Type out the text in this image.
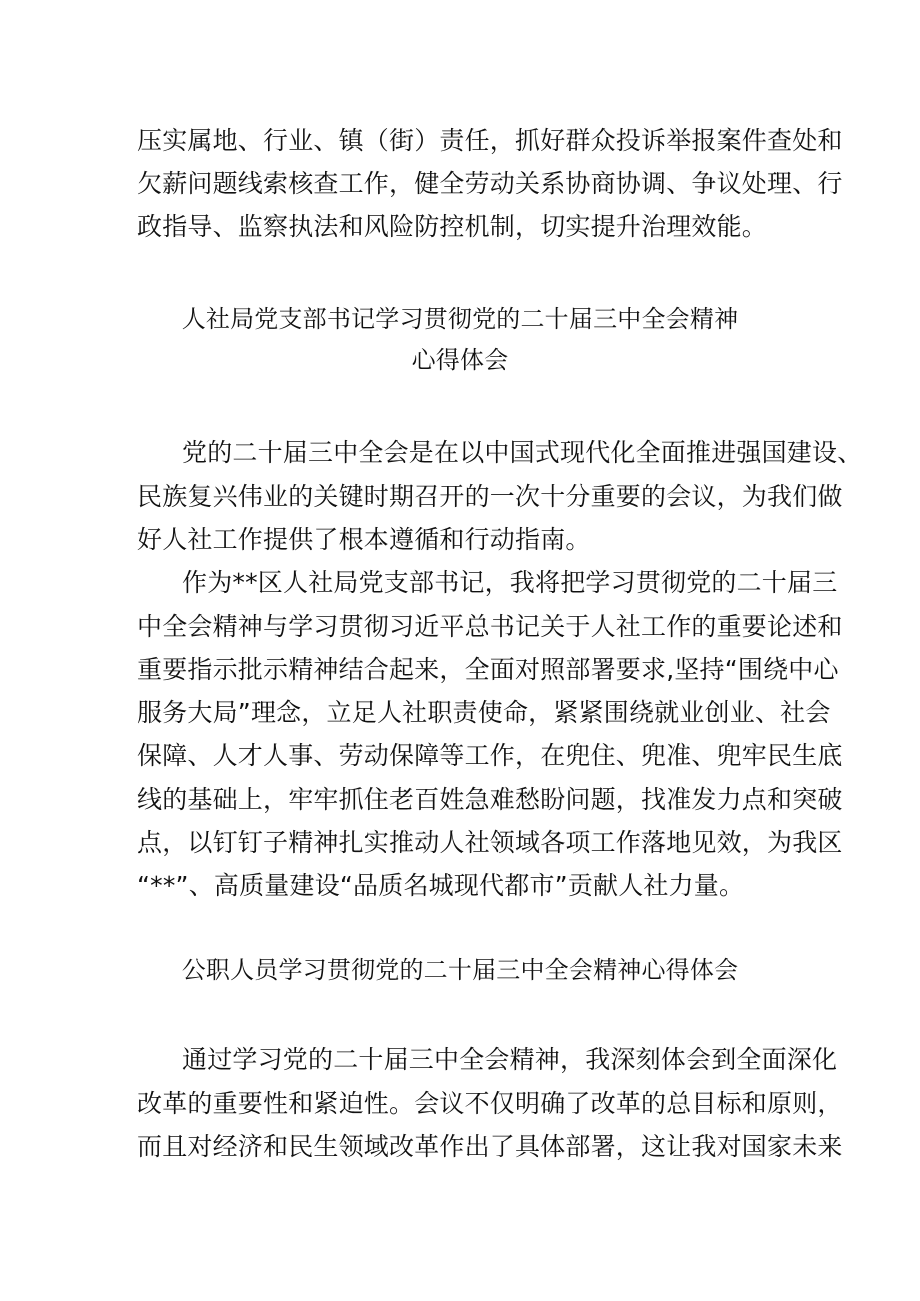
压实属地、行业、镇（街）责任，抓好群众投诉举报案件查处和
欠薪问题线索核查工作，健全劳动关系协商协调、争议处理、行
政指导、监察执法和风险防控机制，切实提升治理效能。
人社局党支部书记学习贯彻党的二十届三中全会精神
心得体会
党的二十届三中全会是在以中国式现代化全面推进强国建设、
民族复兴伟业的关键时期召开的一次十分重要的会议，为我们做
好人社工作提供了根本遵循和行动指南。
作为**区人社局党支部书记，我将把学习贯彻党的二十届三
中全会精神与学习贯彻习近平总书记关于人社工作的重要论述和
重要指示批示精神结合起来，全面对照部署要求,坚持“围绕中心
服务大局”理念，立足人社职责使命，紧紧围绕就业创业、社会
保障、人才人事、劳动保障等工作，在兜住、兜准、兜牢民生底
线的基础上，牢牢抓住老百姓急难愁盼问题，找准发力点和突破
点，以钉钉子精神扎实推动人社领域各项工作落地见效，为我区
“**”、高质量建设“品质名城现代都市”贡献人社力量。
公职人员学习贯彻党的二十届三中全会精神心得体会
通过学习党的二十届三中全会精神，我深刻体会到全面深化
改革的重要性和紧迫性。会议不仅明确了改革的总目标和原则，
而且对经济和民生领域改革作出了具体部署，这让我对国家未来
